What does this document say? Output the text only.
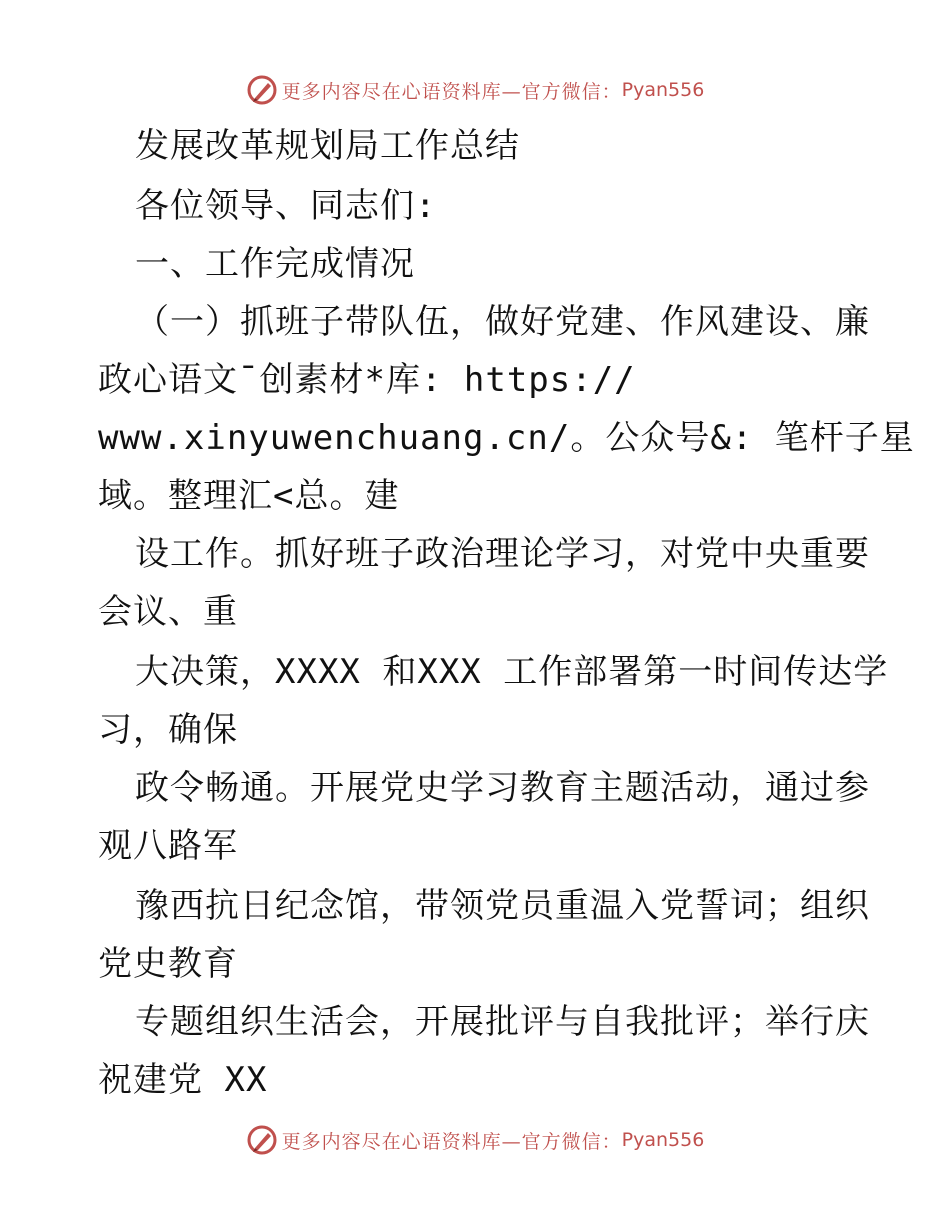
更多内容尽在心语资料库—官方微信： Pyan556
发展改革规划局工作总结
各位领导、同志们:
一、工作完成情况
（一）抓班子带队伍，做好党建、作风建设、廉
政心语文¯创素材*库: https://
www.xinyuwenchuang.cn/。公众号&: 笔杆子星
域。整理汇<总。建
设工作。抓好班子政治理论学习，对党中央重要
会议、重
大决策，XXXX 和XXX 工作部署第一时间传达学
习，确保
政令畅通。开展党史学习教育主题活动，通过参
观八路军
豫西抗日纪念馆，带领党员重温入党誓词；组织
党史教育
专题组织生活会，开展批评与自我批评；举行庆
祝建党 XX
更多内容尽在心语资料库—官方微信： Pyan556
